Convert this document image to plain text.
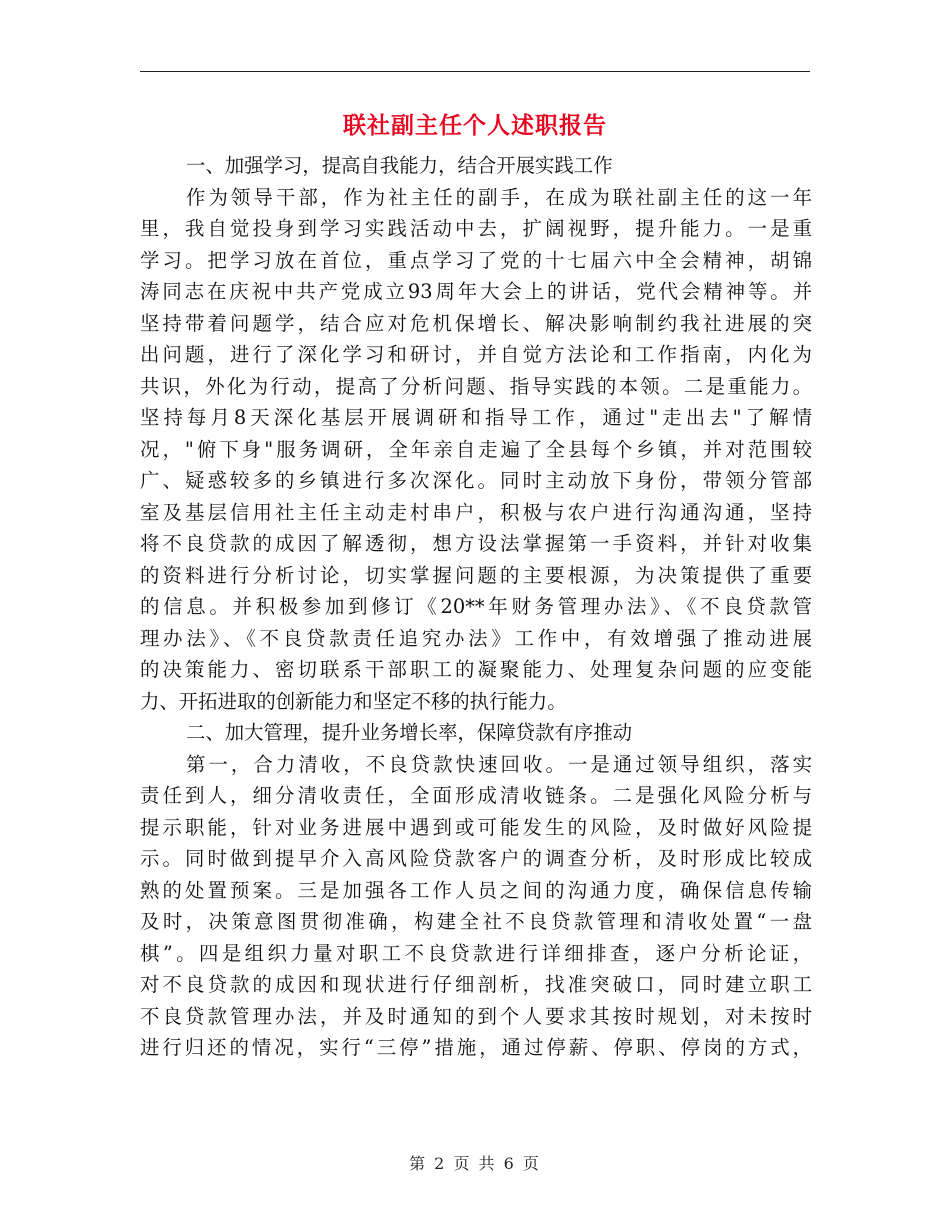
联社副主任个人述职报告
一、加强学习，提高自我能力，结合开展实践工作
作为领导干部，作为社主任的副手，在成为联社副主任的这一年
里，我自觉投身到学习实践活动中去，扩阔视野，提升能力。一是重
学习。把学习放在首位，重点学习了党的十七届六中全会精神，胡锦
涛同志在庆祝中共产党成立93周年大会上的讲话，党代会精神等。并
坚持带着问题学，结合应对危机保增长、解决影响制约我社进展的突
出问题，进行了深化学习和研讨，并自觉方法论和工作指南，内化为
共识，外化为行动，提高了分析问题、指导实践的本领。二是重能力。
坚持每月8天深化基层开展调研和指导工作，通过"走出去"了解情
况，"俯下身"服务调研，全年亲自走遍了全县每个乡镇，并对范围较
广、疑惑较多的乡镇进行多次深化。同时主动放下身份，带领分管部
室及基层信用社主任主动走村串户，积极与农户进行沟通沟通，坚持
将不良贷款的成因了解透彻，想方设法掌握第一手资料，并针对收集
的资料进行分析讨论，切实掌握问题的主要根源，为决策提供了重要
的信息。并积极参加到修订《20**年财务管理办法》、《不良贷款管
理办法》、《不良贷款责任追究办法》工作中，有效增强了推动进展
的决策能力、密切联系干部职工的凝聚能力、处理复杂问题的应变能
力、开拓进取的创新能力和坚定不移的执行能力。
二、加大管理，提升业务增长率，保障贷款有序推动
第一，合力清收，不良贷款快速回收。一是通过领导组织，落实
责任到人，细分清收责任，全面形成清收链条。二是强化风险分析与
提示职能，针对业务进展中遇到或可能发生的风险，及时做好风险提
示。同时做到提早介入高风险贷款客户的调查分析，及时形成比较成
熟的处置预案。三是加强各工作人员之间的沟通力度，确保信息传输
及时，决策意图贯彻准确，构建全社不良贷款管理和清收处置“一盘
棋”。四是组织力量对职工不良贷款进行详细排查，逐户分析论证，
对不良贷款的成因和现状进行仔细剖析，找准突破口，同时建立职工
不良贷款管理办法，并及时通知的到个人要求其按时规划，对未按时
进行归还的情况，实行“三停”措施，通过停薪、停职、停岗的方式，
第 2 页 共 6 页
